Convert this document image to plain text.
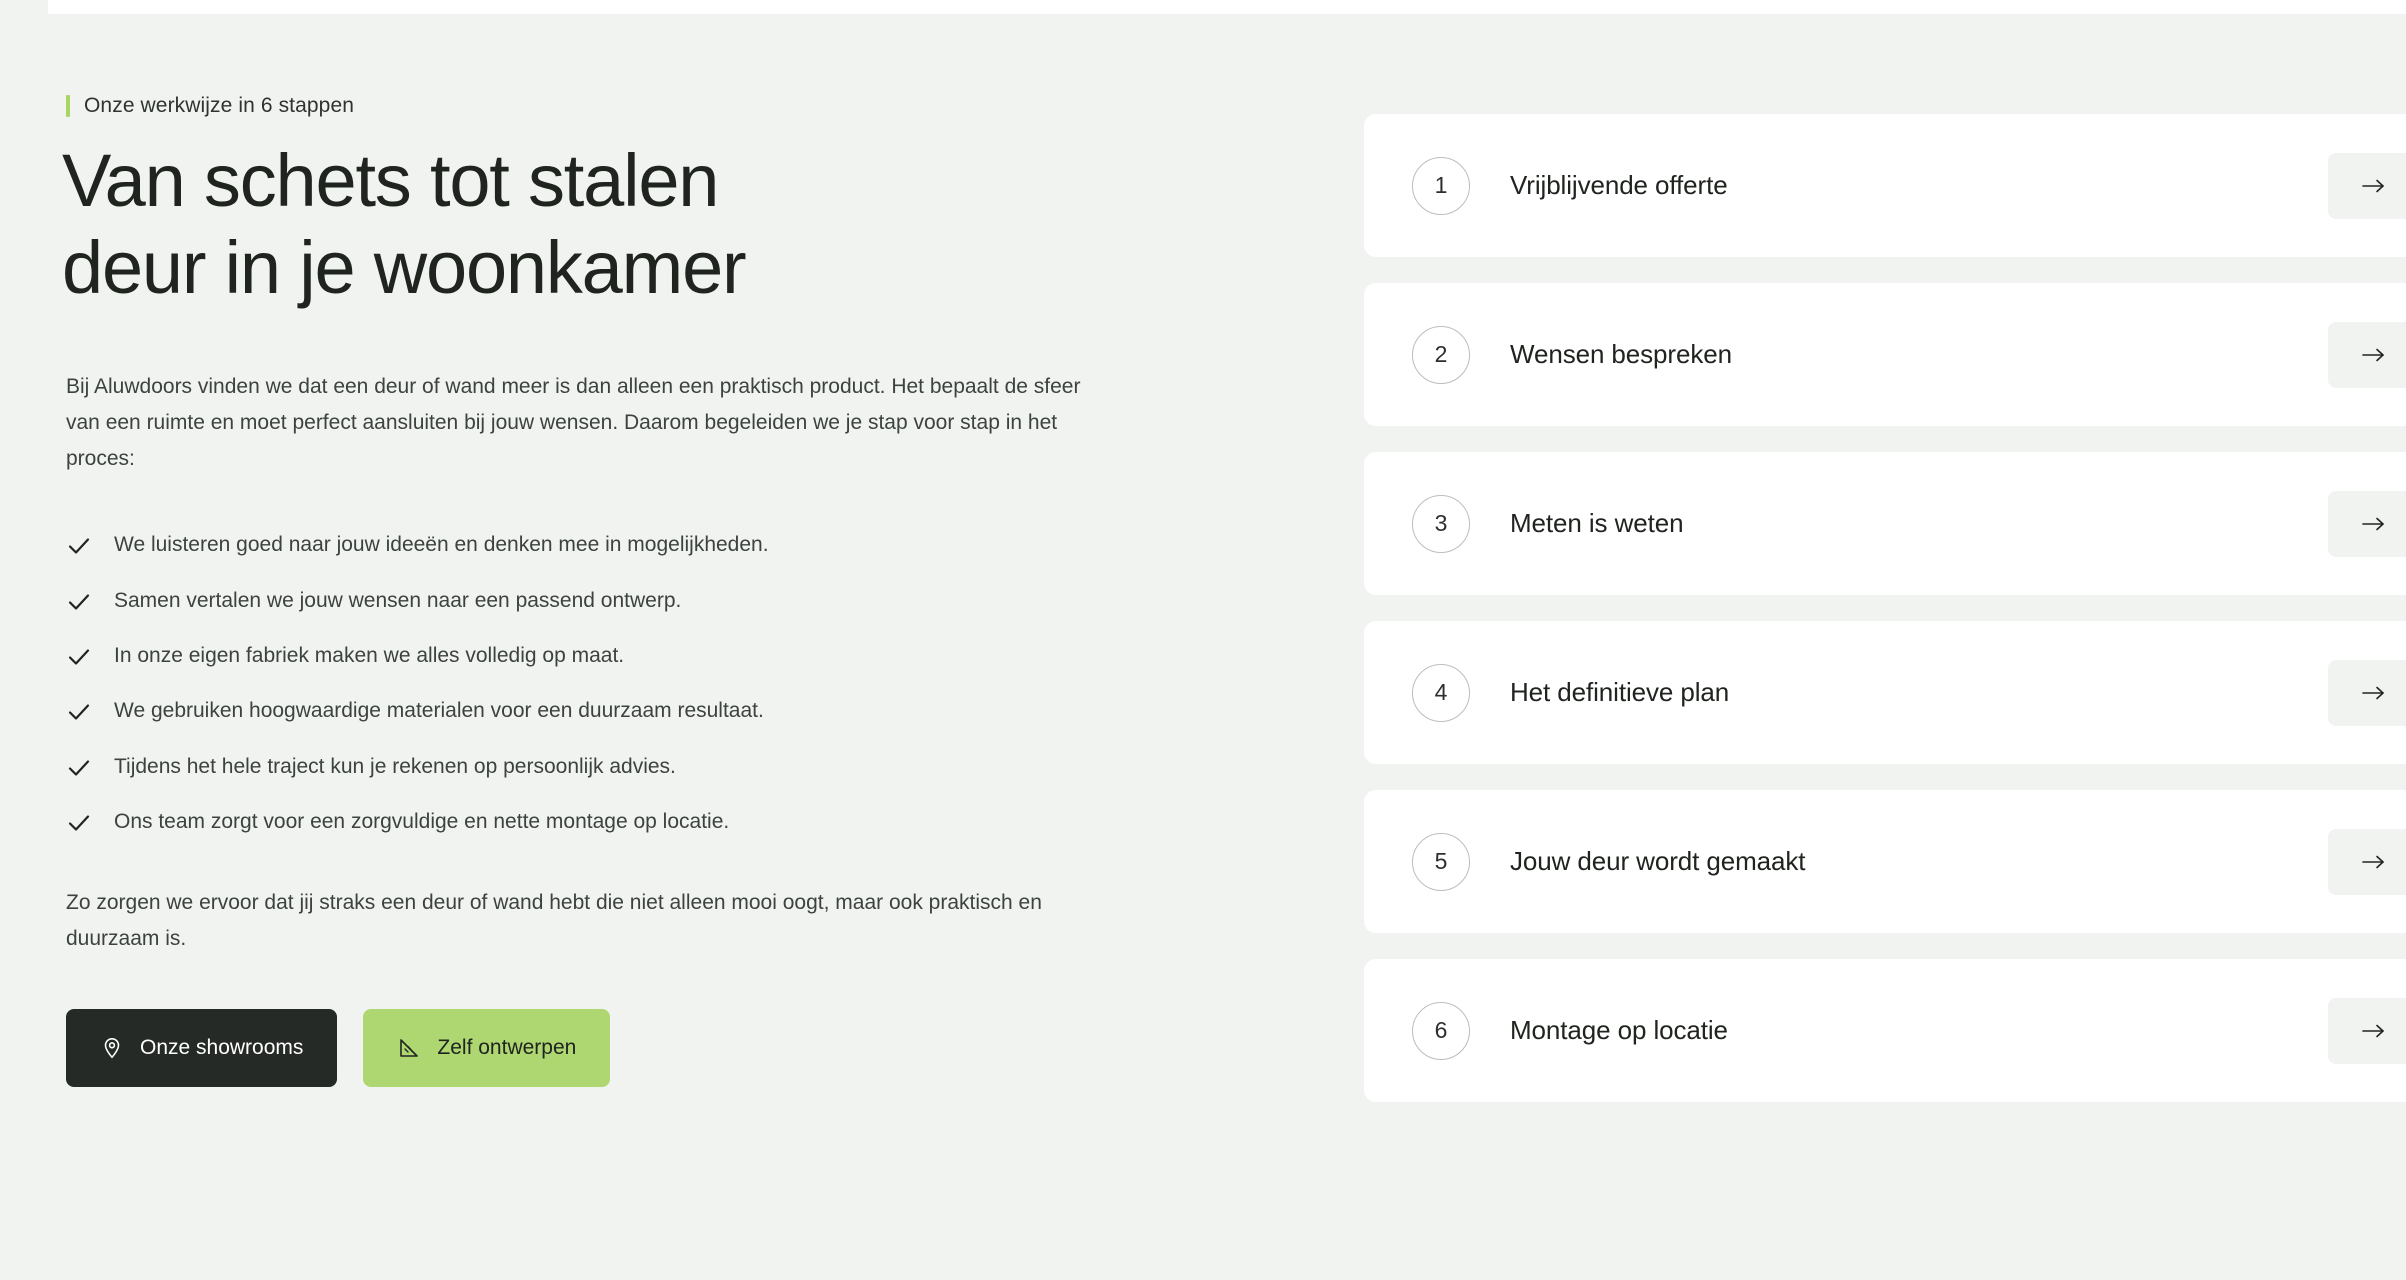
Onze werkwijze in 6 stappen
Van schets tot stalen
deur in je woonkamer

Bij Aluwdoors vinden we dat een deur of wand meer is dan alleen een praktisch product. Het bepaalt de sfeer van een ruimte en moet perfect aansluiten bij jouw wensen. Daarom begeleiden we je stap voor stap in het proces:

We luisteren goed naar jouw ideeën en denken mee in mogelijkheden.
Samen vertalen we jouw wensen naar een passend ontwerp.
In onze eigen fabriek maken we alles volledig op maat.
We gebruiken hoogwaardige materialen voor een duurzaam resultaat.
Tijdens het hele traject kun je rekenen op persoonlijk advies.
Ons team zorgt voor een zorgvuldige en nette montage op locatie.

Zo zorgen we ervoor dat jij straks een deur of wand hebt die niet alleen mooi oogt, maar ook praktisch en duurzaam is.

Onze showrooms	Zelf ontwerpen
1	Vrijblijvende offerte
2	Wensen bespreken
3	Meten is weten
4	Het definitieve plan
5	Jouw deur wordt gemaakt
6	Montage op locatie
